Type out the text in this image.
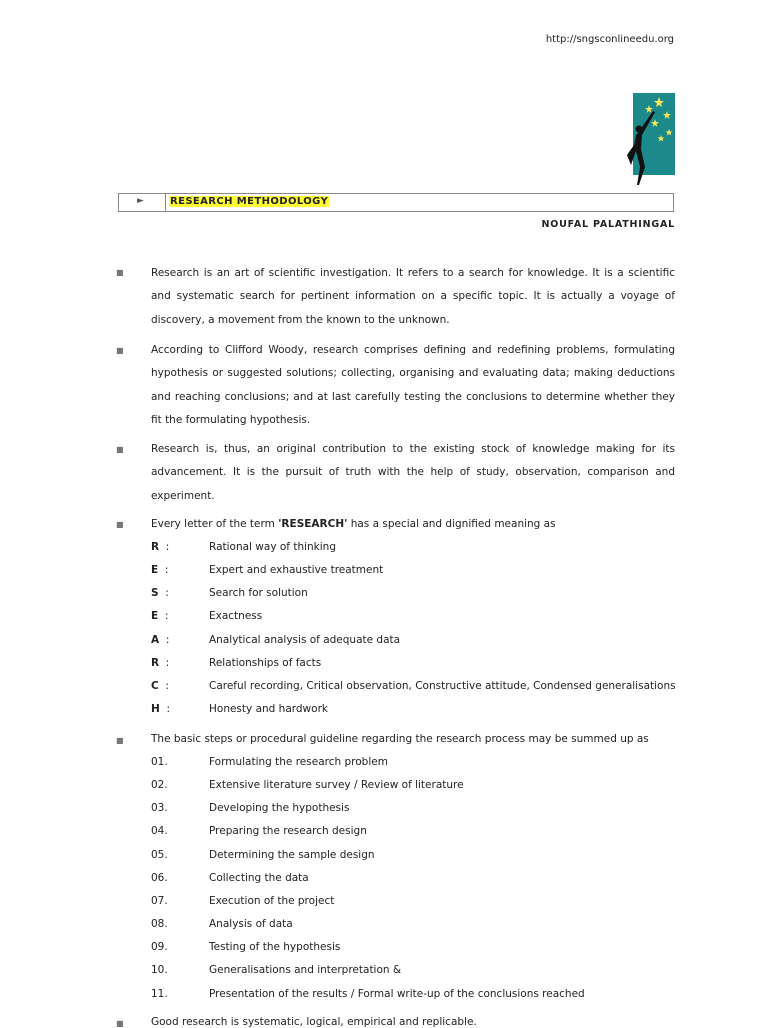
http://sngsconlineedu.org
►	RESEARCH METHODOLOGY
NOUFAL PALATHINGAL
■	Research is an art of scientific investigation. It refers to a search for knowledge. It is a scientific and systematic search for pertinent information on a specific topic. It is actually a voyage of discovery, a movement from the known to the unknown.
■	According to Clifford Woody, research comprises defining and redefining problems, formulating hypothesis or suggested solutions; collecting, organising and evaluating data; making deductions and reaching conclusions; and at last carefully testing the conclusions to determine whether they fit the formulating hypothesis.
■	Research is, thus, an original contribution to the existing stock of knowledge making for its advancement. It is the pursuit of truth with the help of study, observation, comparison and experiment.
■	Every letter of the term 'RESEARCH' has a special and dignified meaning as
R :	Rational way of thinking
E :	Expert and exhaustive treatment
S :	Search for solution
E :	Exactness
A :	Analytical analysis of adequate data
R :	Relationships of facts
C :	Careful recording, Critical observation, Constructive attitude, Condensed generalisations
H :	Honesty and hardwork
■	The basic steps or procedural guideline regarding the research process may be summed up as
01.	Formulating the research problem
02.	Extensive literature survey / Review of literature
03.	Developing the hypothesis
04.	Preparing the research design
05.	Determining the sample design
06.	Collecting the data
07.	Execution of the project
08.	Analysis of data
09.	Testing of the hypothesis
10.	Generalisations and interpretation &
11.	Presentation of the results / Formal write-up of the conclusions reached
■	Good research is systematic, logical, empirical and replicable.
